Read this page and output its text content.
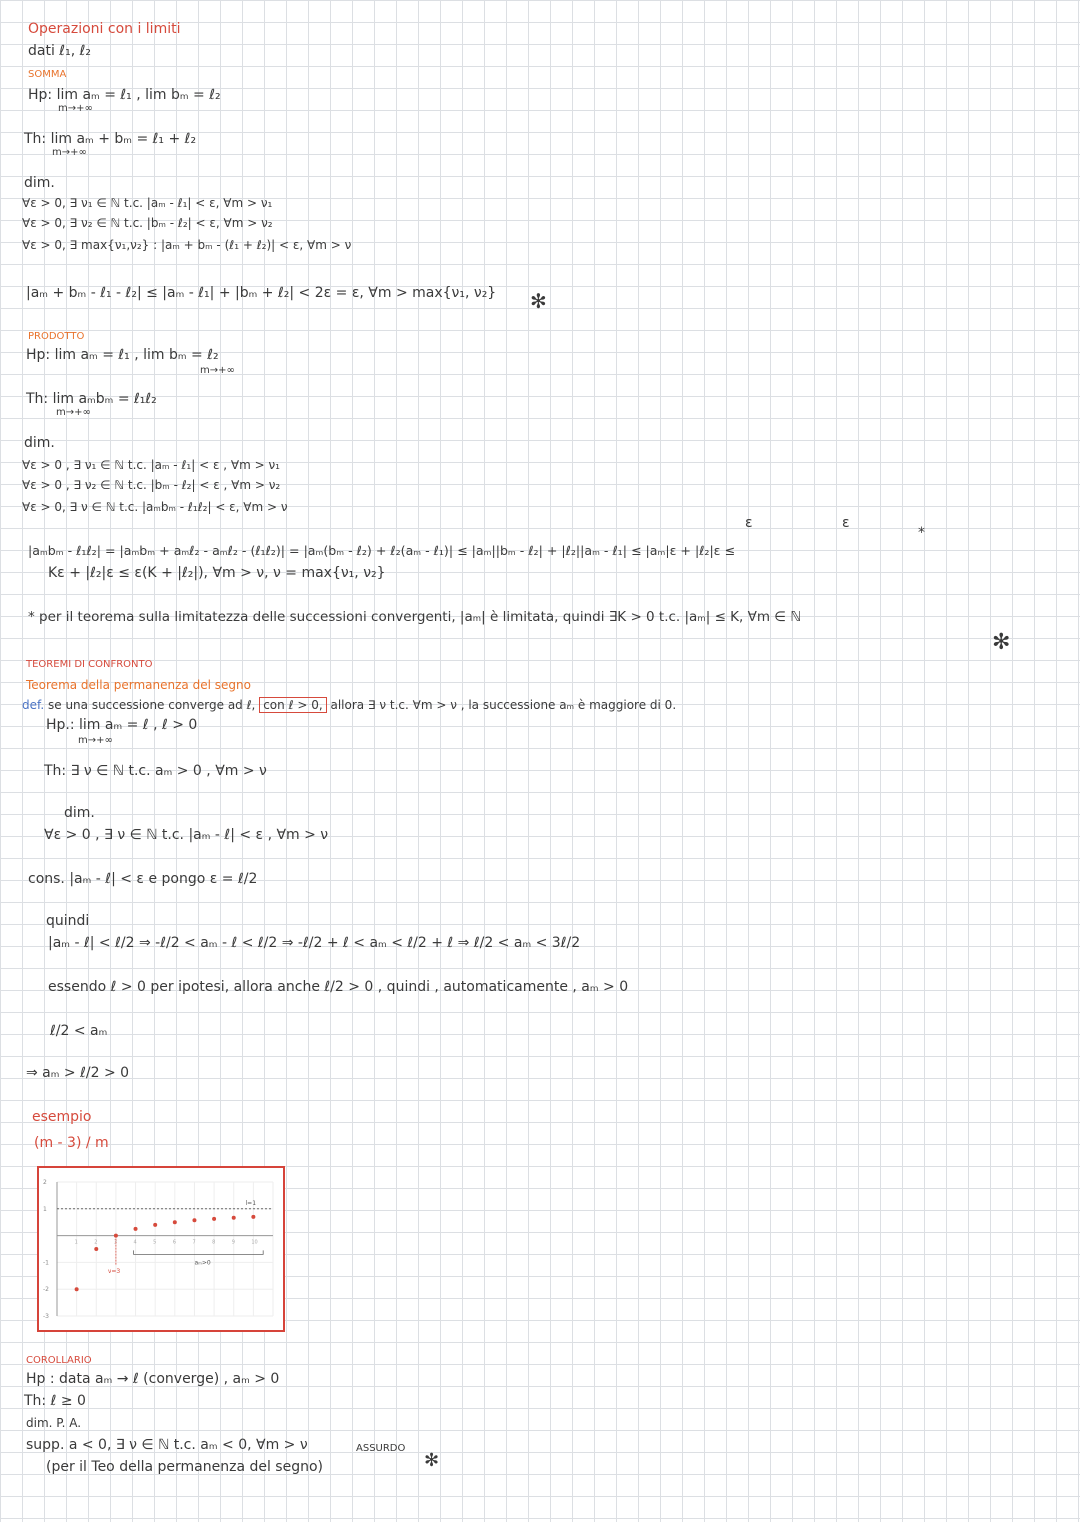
Operazioni con i limiti
dati ℓ₁, ℓ₂
SOMMA
Hp: lim aₘ = ℓ₁ , lim bₘ = ℓ₂
m→+∞
Th: lim aₘ + bₘ = ℓ₁ + ℓ₂
m→+∞
dim.
∀ε > 0, ∃ ν₁ ∈ ℕ t.c. |aₘ - ℓ₁| < ε, ∀m > ν₁
∀ε > 0, ∃ ν₂ ∈ ℕ t.c. |bₘ - ℓ₂| < ε, ∀m > ν₂
∀ε > 0, ∃ max{ν₁,ν₂} : |aₘ + bₘ - (ℓ₁ + ℓ₂)| < ε, ∀m > ν
|aₘ + bₘ - ℓ₁ - ℓ₂| ≤ |aₘ - ℓ₁| + |bₘ + ℓ₂| < 2ε = ε, ∀m > max{ν₁, ν₂} ✻
PRODOTTO
Hp: lim aₘ = ℓ₁ , lim bₘ = ℓ₂
m→+∞
Th: lim aₘbₘ = ℓ₁ℓ₂
m→+∞
dim.
∀ε > 0 , ∃ ν₁ ∈ ℕ t.c. |aₘ - ℓ₁| < ε , ∀m > ν₁
∀ε > 0 , ∃ ν₂ ∈ ℕ t.c. |bₘ - ℓ₂| < ε , ∀m > ν₂
∀ε > 0, ∃ ν ∈ ℕ t.c. |aₘbₘ - ℓ₁ℓ₂| < ε, ∀m > ν
ε	ε
*
|aₘbₘ - ℓ₁ℓ₂| = |aₘbₘ + aₘℓ₂ - aₘℓ₂ - (ℓ₁ℓ₂)| = |aₘ(bₘ - ℓ₂) + ℓ₂(aₘ - ℓ₁)| ≤ |aₘ||bₘ - ℓ₂| + |ℓ₂||aₘ - ℓ₁| ≤ |aₘ|ε + |ℓ₂|ε ≤
Kε + |ℓ₂|ε ≤ ε(K + |ℓ₂|), ∀m > ν, ν = max{ν₁, ν₂}
* per il teorema sulla limitatezza delle successioni convergenti, |aₘ| è limitata, quindi ∃K > 0 t.c. |aₘ| ≤ K, ∀m ∈ ℕ
✻
TEOREMI DI CONFRONTO
Teorema della permanenza del segno
def. se una successione converge ad ℓ, con ℓ > 0, allora ∃ ν t.c. ∀m > ν , la successione aₘ è maggiore di 0.
Hp.: lim aₘ = ℓ , ℓ > 0
m→+∞
Th: ∃ ν ∈ ℕ t.c. aₘ > 0 , ∀m > ν
dim.
∀ε > 0 , ∃ ν ∈ ℕ t.c. |aₘ - ℓ| < ε , ∀m > ν
cons. |aₘ - ℓ| < ε e pongo ε = ℓ/2
quindi
|aₘ - ℓ| < ℓ/2 ⇒ -ℓ/2 < aₘ - ℓ < ℓ/2 ⇒ -ℓ/2 + ℓ < aₘ < ℓ/2 + ℓ ⇒ ℓ/2 < aₘ < 3ℓ/2
essendo ℓ > 0 per ipotesi, allora anche ℓ/2 > 0 , quindi , automaticamente , aₘ > 0
ℓ/2 < aₘ
⇒ aₘ > ℓ/2 > 0
esempio
(m - 3) / m
l=1
2
1
-1
-2
-3
1	2	3	4	5	6	7	8	9	10
aₘ>0
ν=3
COROLLARIO
Hp : data aₘ → ℓ (converge) , aₘ > 0
Th: ℓ ≥ 0
dim. P. A.
supp. a < 0, ∃ ν ∈ ℕ t.c. aₘ < 0, ∀m > ν	ASSURDO
(per il Teo della permanenza del segno)	✻
